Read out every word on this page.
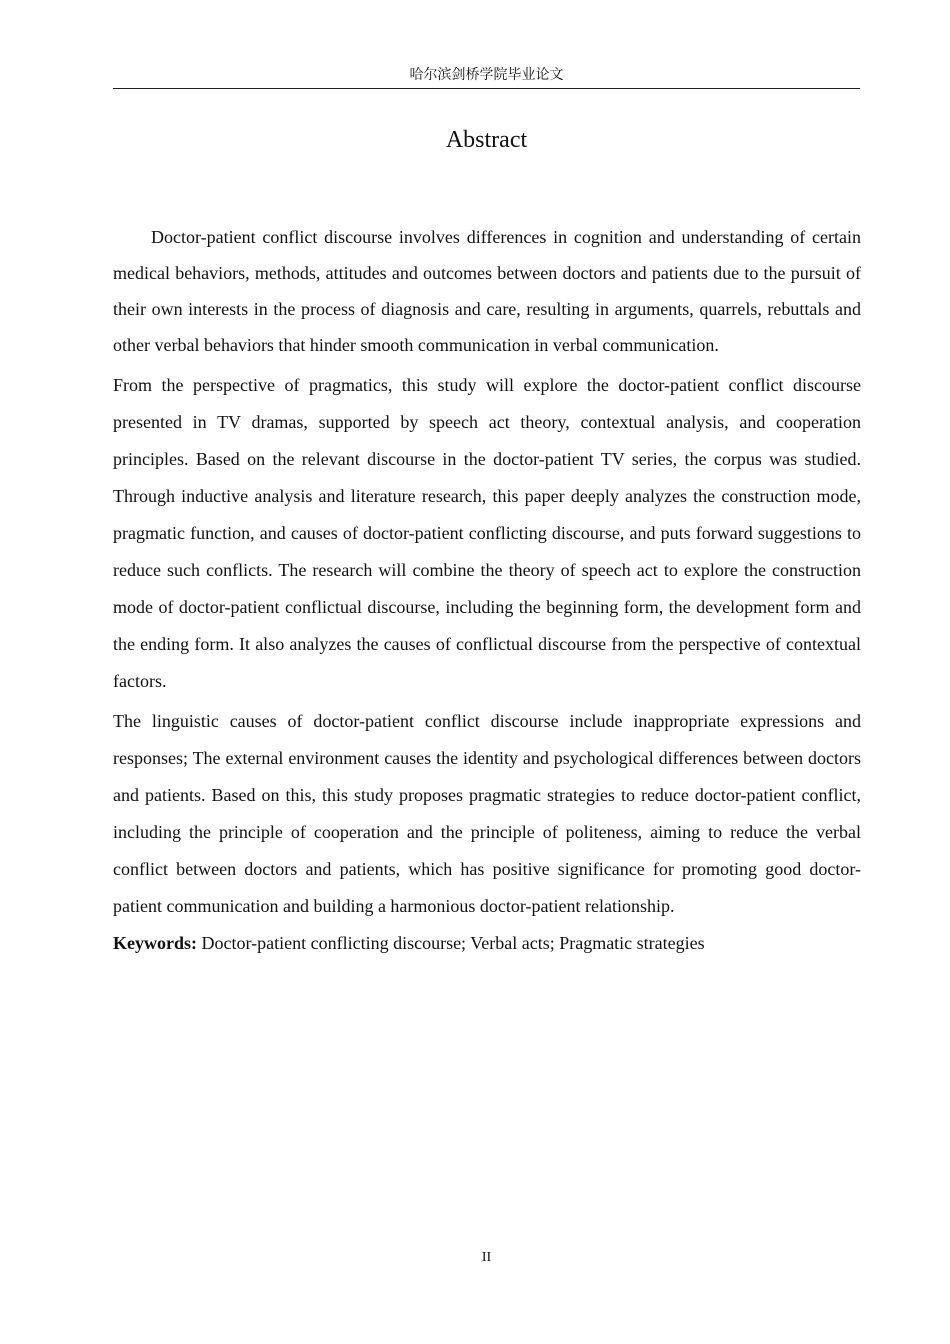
哈尔滨剑桥学院毕业论文
Abstract

Doctor-patient conflict discourse involves differences in cognition and understanding of certain medical behaviors, methods, attitudes and outcomes between doctors and patients due to the pursuit of their own interests in the process of diagnosis and care, resulting in arguments, quarrels, rebuttals and other verbal behaviors that hinder smooth communication in verbal communication.

From the perspective of pragmatics, this study will explore the doctor-patient conflict discourse presented in TV dramas, supported by speech act theory, contextual analysis, and cooperation principles. Based on the relevant discourse in the doctor-patient TV series, the corpus was studied. Through inductive analysis and literature research, this paper deeply analyzes the construction mode, pragmatic function, and causes of doctor-patient conflicting discourse, and puts forward suggestions to reduce such conflicts. The research will combine the theory of speech act to explore the construction mode of doctor-patient conflictual discourse, including the beginning form, the development form and the ending form. It also analyzes the causes of conflictual discourse from the perspective of contextual factors.

The linguistic causes of doctor-patient conflict discourse include inappropriate expressions and responses; The external environment causes the identity and psychological differences between doctors and patients. Based on this, this study proposes pragmatic strategies to reduce doctor-patient conflict, including the principle of cooperation and the principle of politeness, aiming to reduce the verbal conflict between doctors and patients, which has positive significance for promoting good doctor-patient communication and building a harmonious doctor-patient relationship.

Keywords: Doctor-patient conflicting discourse; Verbal acts; Pragmatic strategies

II
